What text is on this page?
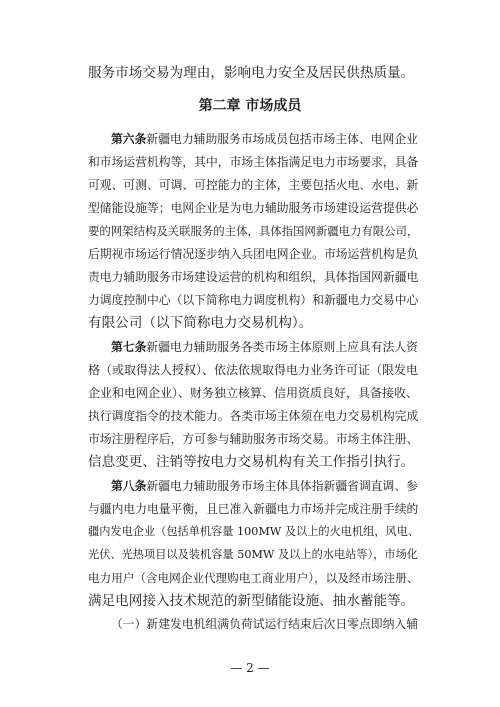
服务市场交易为理由，影响电力安全及居民供热质量。
第二章 市场成员
第六条新疆电力辅助服务市场成员包括市场主体、电网企业
和市场运营机构等，其中，市场主体指满足电力市场要求，具备
可观、可测、可调、可控能力的主体，主要包括火电、水电、新
型储能设施等；电网企业是为电力辅助服务市场建设运营提供必
要的网架结构及关联服务的主体，具体指国网新疆电力有限公司，
后期视市场运行情况逐步纳入兵团电网企业。市场运营机构是负
责电力辅助服务市场建设运营的机构和组织，具体指国网新疆电
力调度控制中心（以下简称电力调度机构）和新疆电力交易中心
有限公司（以下简称电力交易机构）。
第七条新疆电力辅助服务各类市场主体原则上应具有法人资
格（或取得法人授权）、依法依规取得电力业务许可证（限发电
企业和电网企业）、财务独立核算、信用资质良好，具备接收、
执行调度指令的技术能力。各类市场主体须在电力交易机构完成
市场注册程序后，方可参与辅助服务市场交易。市场主体注册、
信息变更、注销等按电力交易机构有关工作指引执行。
第八条新疆电力辅助服务市场主体具体指新疆省调直调、参
与疆内电力电量平衡，且已准入新疆电力市场并完成注册手续的
疆内发电企业（包括单机容量 100MW 及以上的火电机组，风电、
光伏、光热项目以及装机容量 50MW 及以上的水电站等），市场化
电力用户（含电网企业代理购电工商业用户），以及经市场注册、
满足电网接入技术规范的新型储能设施、抽水蓄能等。
（一）新建发电机组满负荷试运行结束后次日零点即纳入辅
— 2 —
